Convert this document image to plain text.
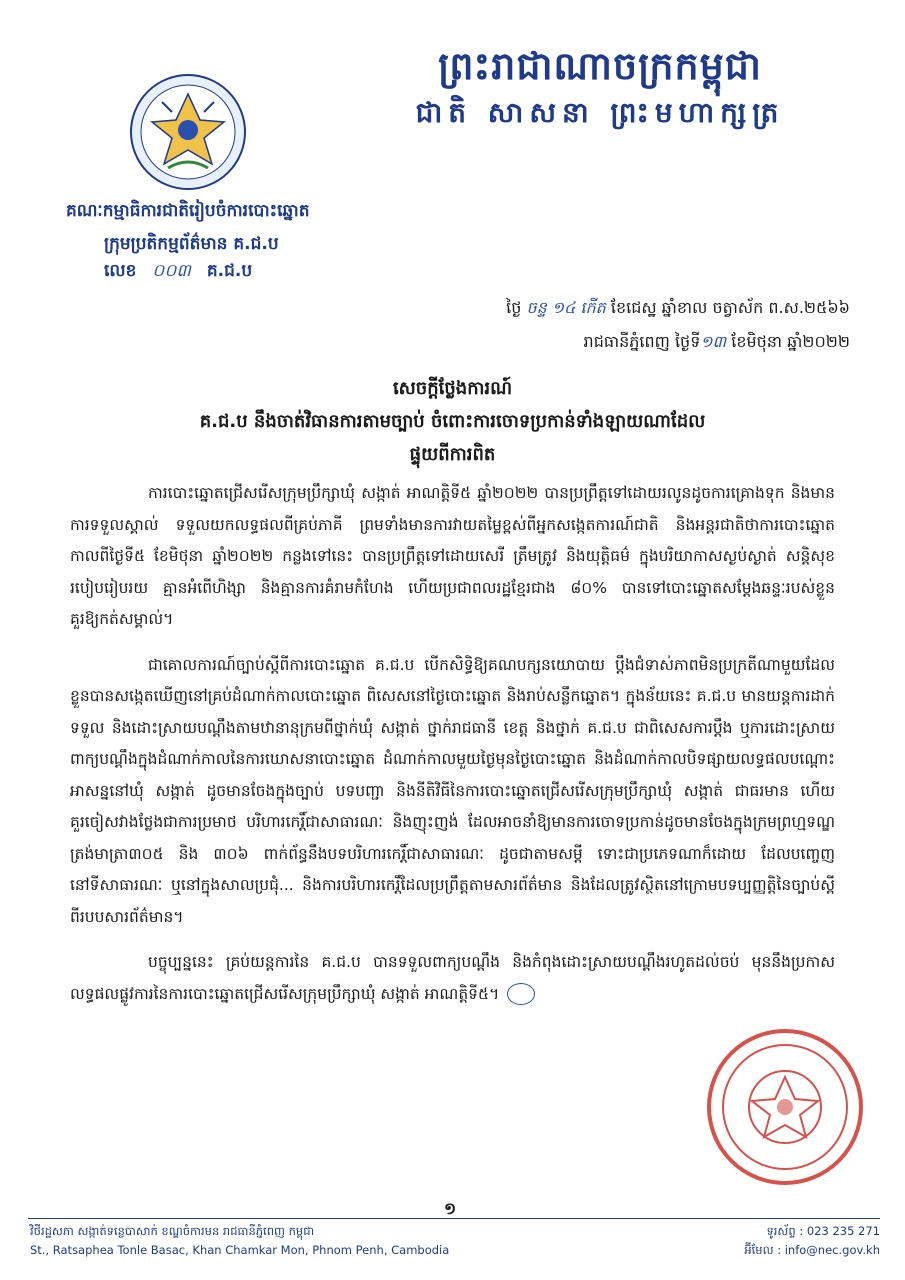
ព្រះរាជាណាចក្រកម្ពុជា
ជាតិ សាសនា ព្រះមហាក្សត្រ
គណៈកម្មាធិការជាតិរៀបចំការបោះឆ្នោត
ក្រុមប្រតិកម្មព័ត៌មាន គ.ជ.ប
លេខ ០០៣ គ.ជ.ប
ថ្ងៃ ចន្ទ ១៤ កើត ខែជេស្ឋ ឆ្នាំខាល ចត្វាស័ក ព.ស.២៥៦៦
រាជធានីភ្នំពេញ ថ្ងៃទី១៣ ខែមិថុនា ឆ្នាំ២០២២
សេចក្តីថ្លែងការណ៍
គ.ជ.ប នឹងចាត់វិធានការតាមច្បាប់ ចំពោះការចោទប្រកាន់ទាំងឡាយណាដែល
ផ្ទុយពីការពិត

ការបោះឆ្នោតជ្រើសរើសក្រុមប្រឹក្សាឃុំ សង្កាត់ អាណត្តិទី៥ ឆ្នាំ២០២២ បានប្រព្រឹត្តទៅដោយរលូនដូចការគ្រោងទុក និងមានការទទួលស្គាល់ ទទួលយកលទ្ធផលពីគ្រប់ភាគី ព្រមទាំងមានការវាយតម្លៃខ្ពស់ពីអ្នកសង្កេតការណ៍ជាតិ និងអន្តរជាតិថាការបោះឆ្នោតកាលពីថ្ងៃទី៥ ខែមិថុនា ឆ្នាំ២០២២ កន្លងទៅនេះ បានប្រព្រឹត្តទៅដោយសេរី ត្រឹមត្រូវ និងយុត្តិធម៌ ក្នុងបរិយាកាសស្ងប់ស្ងាត់ សន្តិសុខ របៀបរៀបរយ គ្មានអំពើហិង្សា និងគ្មានការគំរាមកំហែង ហើយប្រជាពលរដ្ឋខ្មែរជាង ៨០% បានទៅបោះឆ្នោតសម្តែងឆន្ទៈរបស់ខ្លួនគួរឱ្យកត់សម្គាល់។

ជាគោលការណ៍ច្បាប់ស្តីពីការបោះឆ្នោត គ.ជ.ប បើកសិទ្ធិឱ្យគណបក្សនយោបាយ ប្តឹងជំទាស់ភាពមិនប្រក្រតីណាមួយដែលខ្លួនបានសង្កេតឃើញនៅគ្រប់ដំណាក់កាលបោះឆ្នោត ពិសេសនៅថ្ងៃបោះឆ្នោត និងរាប់សន្លឹកឆ្នោត។ ក្នុងន័យនេះ គ.ជ.ប មានយន្តការដាក់ ទទួល និងដោះស្រាយបណ្តឹងតាមឋានានុក្រមពីថ្នាក់ឃុំ សង្កាត់ ថ្នាក់រាជធានី ខេត្ត និងថ្នាក់ គ.ជ.ប ជាពិសេសការប្តឹង ឬការដោះស្រាយពាក្យបណ្តឹងក្នុងដំណាក់កាលនៃការឃោសនាបោះឆ្នោត ដំណាក់កាលមួយថ្ងៃមុនថ្ងៃបោះឆ្នោត និងដំណាក់កាលបិទផ្សាយលទ្ធផលបណ្តោះអាសន្ននៅឃុំ សង្កាត់ ដូចមានចែងក្នុងច្បាប់ បទបញ្ជា និងនីតិវិធីនៃការបោះឆ្នោតជ្រើសរើសក្រុមប្រឹក្សាឃុំ សង្កាត់ ជាធរមាន ហើយគួរចៀសវាងថ្លែងជាការប្រមាថ បរិហារកេរ្តិ៍ជាសាធារណៈ និងញុះញង់ ដែលអាចនាំឱ្យមានការចោទប្រកាន់ដូចមានចែងក្នុងក្រមព្រហ្មទណ្ឌត្រង់មាត្រា៣០៥ និង ៣០៦ ពាក់ព័ន្ធនឹងបទបរិហារកេរ្តិ៍ជាសាធារណៈ ដូចជាតាមសម្តី ទោះជាប្រភេទណាក៏ដោយ ដែលបញ្ចេញនៅទីសាធារណៈ ឬនៅក្នុងសាលប្រជុំ... និងការបរិហារកេរ្តិ៍ដែលប្រព្រឹត្តតាមសារព័ត៌មាន និងដែលត្រូវស្ថិតនៅក្រោមបទប្បញ្ញត្តិនៃច្បាប់ស្តីពីរបបសារព័ត៌មាន។

បច្ចុប្បន្ននេះ គ្រប់យន្តការនៃ គ.ជ.ប បានទទួលពាក្យបណ្តឹង និងកំពុងដោះស្រាយបណ្តឹងរហូតដល់ចប់ មុននឹងប្រកាសលទ្ធផលផ្លូវការនៃការបោះឆ្នោតជ្រើសរើសក្រុមប្រឹក្សាឃុំ សង្កាត់ អាណត្តិទី៥។

១
វិថីរដ្ឋសភា សង្កាត់ទន្លេបាសាក់ ខណ្ឌចំការមន រាជធានីភ្នំពេញ កម្ពុជា
St., Ratsaphea Tonle Basac, Khan Chamkar Mon, Phnom Penh, Cambodia
ទូរស័ព្ទ : 023 235 271
អ៊ីមែល : info@nec.gov.kh
